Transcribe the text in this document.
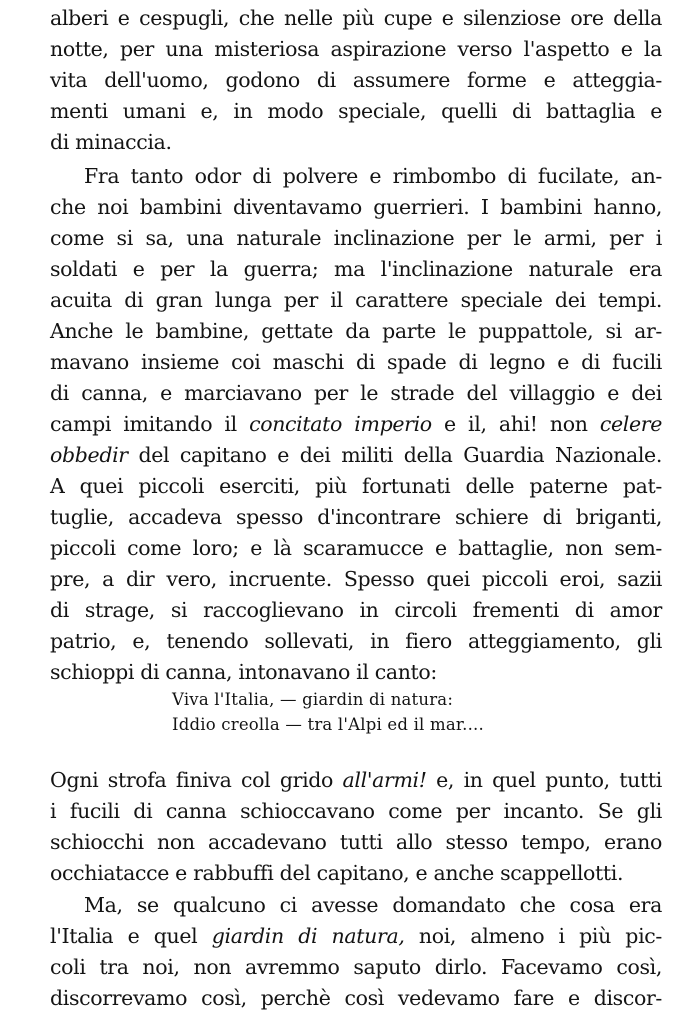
alberi e cespugli, che nelle più cupe e silenziose ore della
notte, per una misteriosa aspirazione verso l'aspetto e la
vita dell'uomo, godono di assumere forme e atteggia-
menti umani e, in modo speciale, quelli di battaglia e
di minaccia.
Fra tanto odor di polvere e rimbombo di fucilate, an-
che noi bambini diventavamo guerrieri. I bambini hanno,
come si sa, una naturale inclinazione per le armi, per i
soldati e per la guerra; ma l'inclinazione naturale era
acuita di gran lunga per il carattere speciale dei tempi.
Anche le bambine, gettate da parte le puppattole, si ar-
mavano insieme coi maschi di spade di legno e di fucili
di canna, e marciavano per le strade del villaggio e dei
campi imitando il concitato imperio e il, ahi! non celere
obbedir del capitano e dei militi della Guardia Nazionale.
A quei piccoli eserciti, più fortunati delle paterne pat-
tuglie, accadeva spesso d'incontrare schiere di briganti,
piccoli come loro; e là scaramucce e battaglie, non sem-
pre, a dir vero, incruente. Spesso quei piccoli eroi, sazii
di strage, si raccoglievano in circoli frementi di amor
patrio, e, tenendo sollevati, in fiero atteggiamento, gli
schioppi di canna, intonavano il canto:
Viva l'Italia, — giardin di natura:
Iddio creolla — tra l'Alpi ed il mar....
Ogni strofa finiva col grido all'armi! e, in quel punto, tutti
i fucili di canna schioccavano come per incanto. Se gli
schiocchi non accadevano tutti allo stesso tempo, erano
occhiatacce e rabbuffi del capitano, e anche scappellotti.
Ma, se qualcuno ci avesse domandato che cosa era
l'Italia e quel giardin di natura, noi, almeno i più pic-
coli tra noi, non avremmo saputo dirlo. Facevamo così,
discorrevamo così, perchè così vedevamo fare e discor-
